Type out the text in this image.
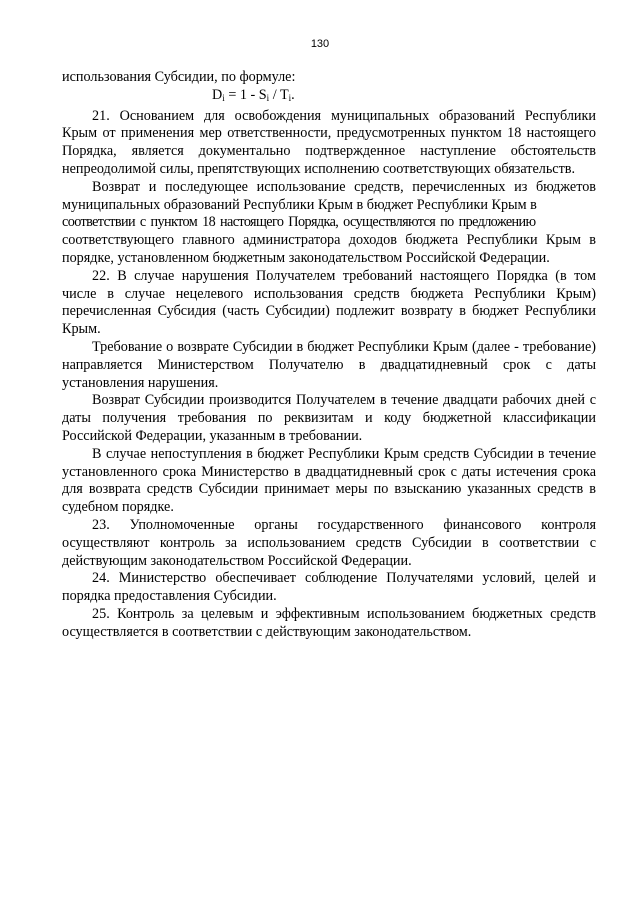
130

использования Субсидии, по формуле:

$D_i = 1 - S_i / T_i$.

21. Основанием для освобождения муниципальных образований Республики Крым от применения мер ответственности, предусмотренных пунктом 18 настоящего Порядка, является документально подтвержденное наступление обстоятельств непреодолимой силы, препятствующих исполнению соответствующих обязательств.

Возврат и последующее использование средств, перечисленных из бюджетов муниципальных образований Республики Крым в бюджет Республики Крым в

соответствии с пунктом 18 настоящего Порядка, осуществляются по предложению

соответствующего главного администратора доходов бюджета Республики Крым в порядке, установленном бюджетным законодательством Российской Федерации.

22. В случае нарушения Получателем требований настоящего Порядка (в том числе в случае нецелевого использования средств бюджета Республики Крым) перечисленная Субсидия (часть Субсидии) подлежит возврату в бюджет Республики Крым.

Требование о возврате Субсидии в бюджет Республики Крым (далее - требование) направляется Министерством Получателю в двадцатидневный срок с даты установления нарушения.

Возврат Субсидии производится Получателем в течение двадцати рабочих дней с даты получения требования по реквизитам и коду бюджетной классификации Российской Федерации, указанным в требовании.

В случае непоступления в бюджет Республики Крым средств Субсидии в течение установленного срока Министерство в двадцатидневный срок с даты истечения срока для возврата средств Субсидии принимает меры по взысканию указанных средств в судебном порядке.

23. Уполномоченные органы государственного финансового контроля осуществляют контроль за использованием средств Субсидии в соответствии с действующим законодательством Российской Федерации.

24. Министерство обеспечивает соблюдение Получателями условий, целей и порядка предоставления Субсидии.

25. Контроль за целевым и эффективным использованием бюджетных средств осуществляется в соответствии с действующим законодательством.
